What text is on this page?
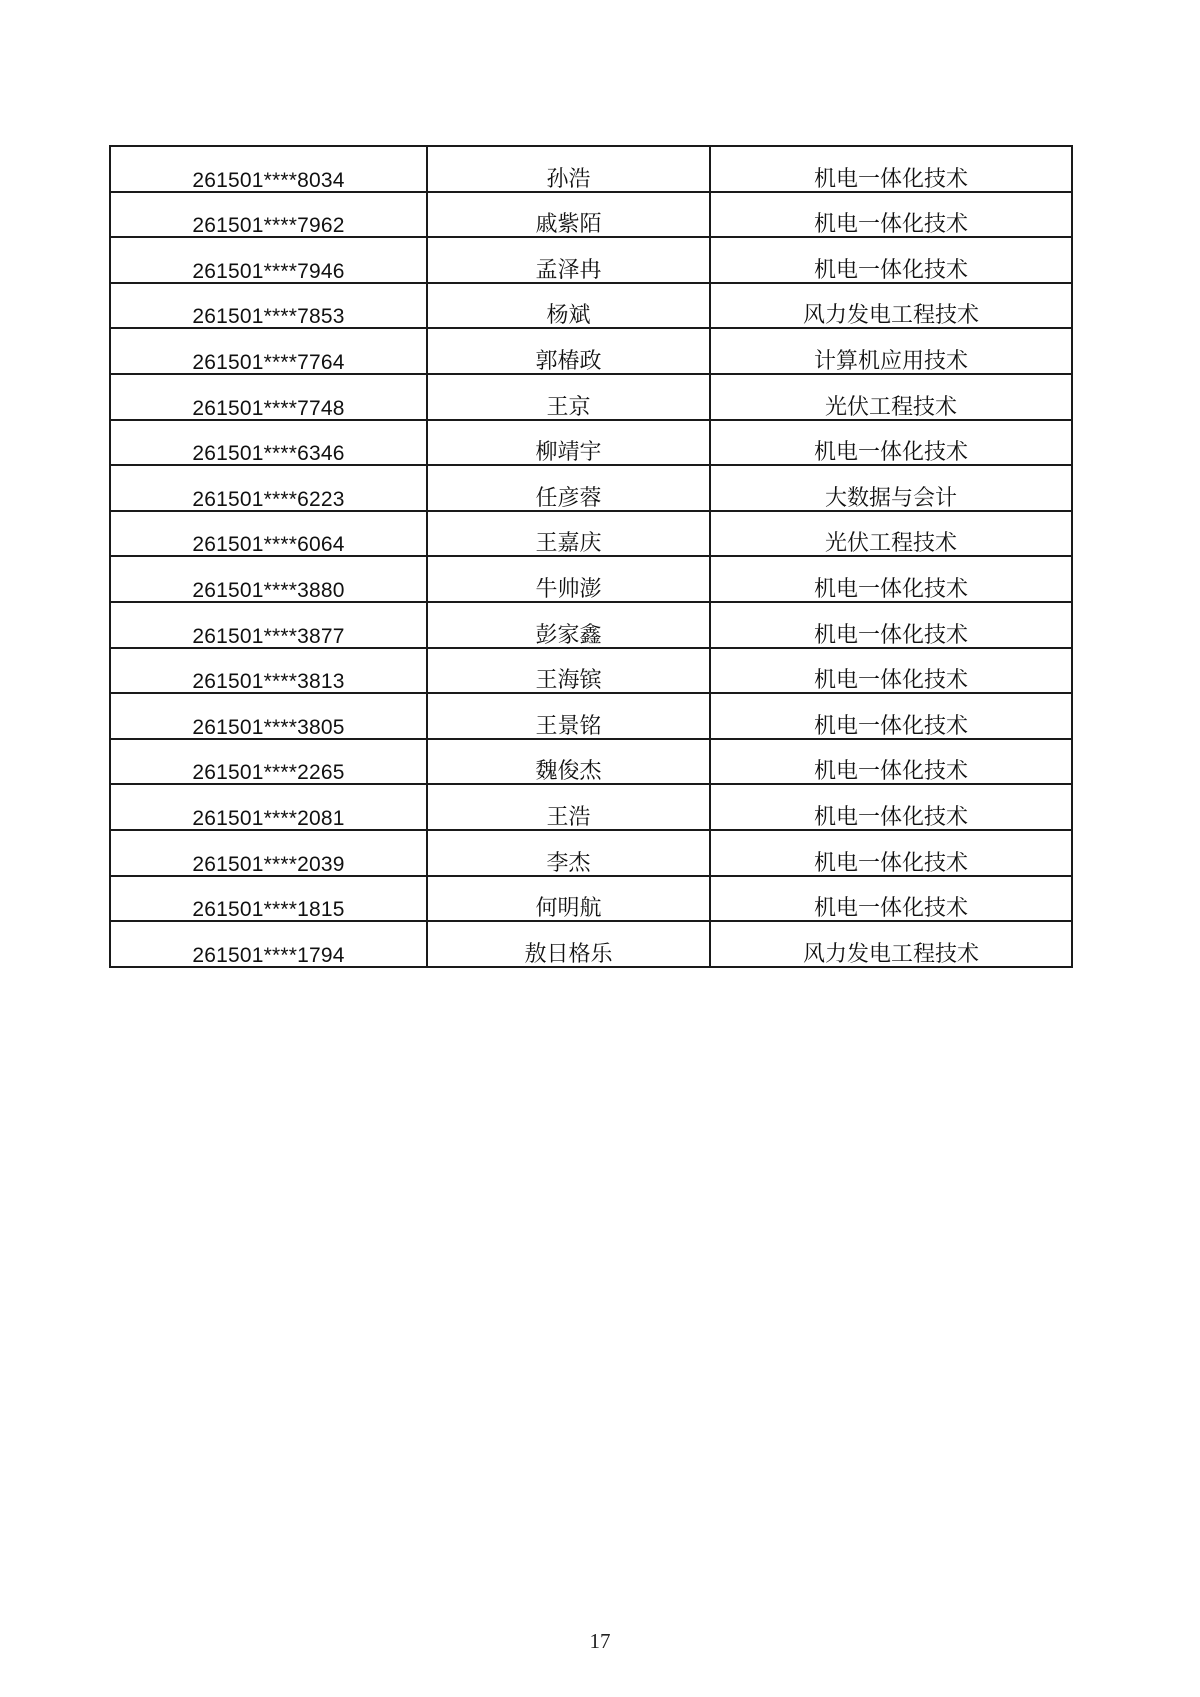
261501****8034	孙浩	机电一体化技术
261501****7962	戚紫陌	机电一体化技术
261501****7946	孟泽冉	机电一体化技术
261501****7853	杨斌	风力发电工程技术
261501****7764	郭椿政	计算机应用技术
261501****7748	王京	光伏工程技术
261501****6346	柳靖宇	机电一体化技术
261501****6223	任彦蓉	大数据与会计
261501****6064	王嘉庆	光伏工程技术
261501****3880	牛帅澎	机电一体化技术
261501****3877	彭家鑫	机电一体化技术
261501****3813	王海镔	机电一体化技术
261501****3805	王景铭	机电一体化技术
261501****2265	魏俊杰	机电一体化技术
261501****2081	王浩	机电一体化技术
261501****2039	李杰	机电一体化技术
261501****1815	何明航	机电一体化技术
261501****1794	敖日格乐	风力发电工程技术
17
